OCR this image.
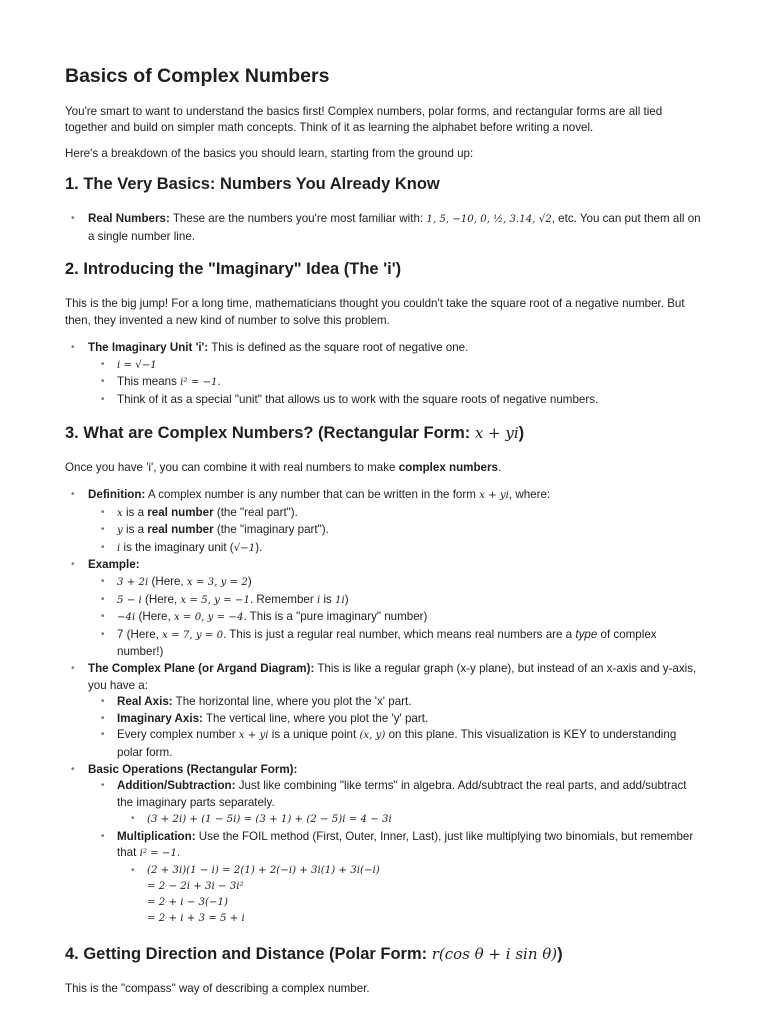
Basics of Complex Numbers

You're smart to want to understand the basics first! Complex numbers, polar forms, and rectangular forms are all tied together and build on simpler math concepts. Think of it as learning the alphabet before writing a novel.

Here's a breakdown of the basics you should learn, starting from the ground up:

1. The Very Basics: Numbers You Already Know
• Real Numbers: These are the numbers you're most familiar with: 1, 5, −10, 0, ½, 3.14, √2, etc. You can put them all on a single number line.
2. Introducing the "Imaginary" Idea (The 'i')

This is the big jump! For a long time, mathematicians thought you couldn't take the square root of a negative number. But then, they invented a new kind of number to solve this problem.

• The Imaginary Unit 'i': This is defined as the square root of negative one.
• i = √−1
• This means i² = −1.
• Think of it as a special "unit" that allows us to work with the square roots of negative numbers.
3. What are Complex Numbers? (Rectangular Form: x + yi)

Once you have 'i', you can combine it with real numbers to make complex numbers.

• Definition: A complex number is any number that can be written in the form x + yi, where:
• x is a real number (the "real part").
• y is a real number (the "imaginary part").
• i is the imaginary unit (√−1).
• Example:
• 3 + 2i (Here, x = 3, y = 2)
• 5 − i (Here, x = 5, y = −1. Remember i is 1i)
• −4i (Here, x = 0, y = −4. This is a "pure imaginary" number)
• 7 (Here, x = 7, y = 0. This is just a regular real number, which means real numbers are a type of complex number!)
• The Complex Plane (or Argand Diagram): This is like a regular graph (x-y plane), but instead of an x-axis and y-axis, you have a:
• Real Axis: The horizontal line, where you plot the 'x' part.
• Imaginary Axis: The vertical line, where you plot the 'y' part.
• Every complex number x + yi is a unique point (x, y) on this plane. This visualization is KEY to understanding polar form.
• Basic Operations (Rectangular Form):
• Addition/Subtraction: Just like combining "like terms" in algebra. Add/subtract the real parts, and add/subtract the imaginary parts separately.
• (3 + 2i) + (1 − 5i) = (3 + 1) + (2 − 5)i = 4 − 3i
• Multiplication: Use the FOIL method (First, Outer, Inner, Last), just like multiplying two binomials, but remember that i² = −1.
• (2 + 3i)(1 − i) = 2(1) + 2(−i) + 3i(1) + 3i(−i)
= 2 − 2i + 3i − 3i²
= 2 + i − 3(−1)
= 2 + i + 3 = 5 + i
4. Getting Direction and Distance (Polar Form: r(cos θ + i sin θ))

This is the "compass" way of describing a complex number.
